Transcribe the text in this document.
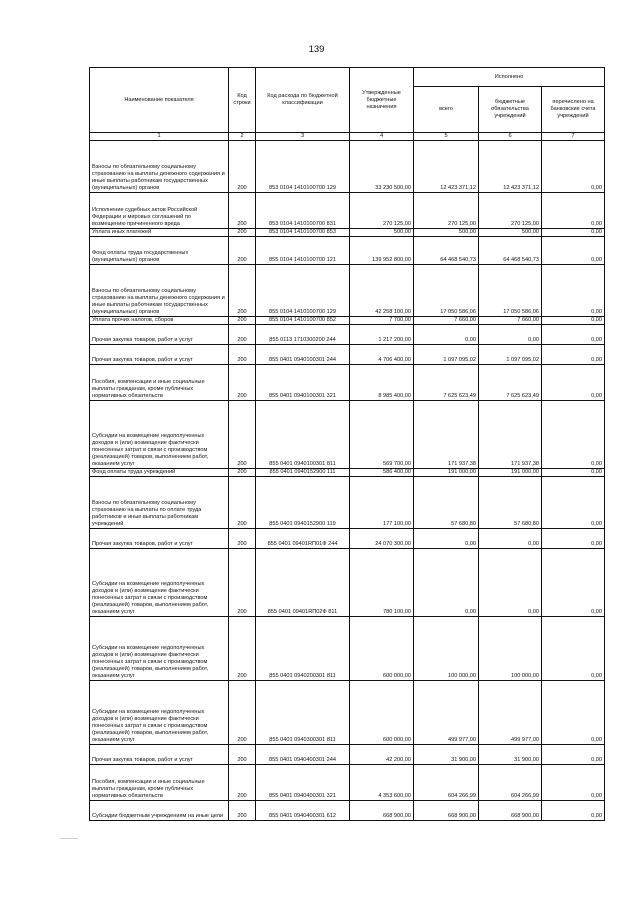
139
Наименование показателя	Код строки	Код расхода по бюджетной классификации	Утвержденные бюджетные назначения	Исполнено		
				всего	бюджетные обязательства учреждений	перечислено на банковские счета учреждений
1	2	3	4	5	6	7
Взносы по обязательному социальному страхованию на выплаты денежного содержания и иные выплаты работникам государственных (муниципальных) органов	200	853 0104 1410100700 129	33 230 500,00	12 423 371,12	12 423 371,12	0,00
Исполнение судебных актов Российской Федерации и мировых соглашений по возмещению причиненного вреда	200	853 0104 1410100700 831	270 125,00	270 125,00	270 125,00	0,00
Уплата иных платежей	200	853 0104 1410100700 853	500,00	500,00	500,00	0,00
Фонд оплаты труда государственных (муниципальных) органов	200	855 0104 1410100700 121	139 952 800,00	64 468 540,73	64 468 540,73	0,00
Взносы по обязательному социальному страхованию на выплаты денежного содержания и иные выплаты работникам государственных (муниципальных) органов	200	855 0104 1410100700 129	42 258 100,00	17 050 586,06	17 050 586,06	0,00
Уплата прочих налогов, сборов	200	855 0104 1410100700 852	7 700,00	7 660,00	7 660,00	0,00
Прочая закупка товаров, работ и услуг	200	855 0113 1710300200 244	1 217 200,00	0,00	0,00	0,00
Прочая закупка товаров, работ и услуг	200	855 0401 0940100301 244	4 706 400,00	1 097 095,02	1 097 095,02	0,00
Пособия, компенсации и иные социальные выплаты гражданам, кроме публичных нормативных обязательств	200	855 0401 0940100301 321	8 985 400,00	7 625 623,49	7 625 623,49	0,00
Субсидии на возмещение недополученных доходов и (или) возмещение фактически понесенных затрат в связи с производством (реализацией) товаров, выполнением работ, оказанием услуг	200	855 0401 0940100301 811	569 700,00	171 937,38	171 937,38	0,00
Фонд оплаты труда учреждений	200	855 0401 0940152900 111	586 400,00	191 000,00	191 000,00	0,00
Взносы по обязательному социальному страхованию на выплаты по оплате труда работников и иные выплаты работникам учреждений	200	855 0401 0940152900 119	177 100,00	57 680,80	57 680,80	0,00
Прочая закупка товаров, работ и услуг	200	855 0401 09401RП01Ф 244	24 070 300,00	0,00	0,00	0,00
Субсидии на возмещение недополученных доходов и (или) возмещение фактически понесенных затрат в связи с производством (реализацией) товаров, выполнением работ, оказанием услуг	200	855 0401 09401RП02Ф 811	780 100,00	0,00	0,00	0,00
Субсидии на возмещение недополученных доходов и (или) возмещение фактически понесенных затрат в связи с производством (реализацией) товаров, выполнением работ, оказанием услуг	200	855 0401 0940200301 811	600 000,00	100 000,00	100 000,00	0,00
Субсидии на возмещение недополученных доходов и (или) возмещение фактически понесенных затрат в связи с производством (реализацией) товаров, выполнением работ, оказанием услуг	200	855 0401 0940300301 811	600 000,00	499 977,00	499 977,00	0,00
Прочая закупка товаров, работ и услуг	200	855 0401 0940400301 244	42 200,00	31 900,00	31 900,00	0,00
Пособия, компенсации и иные социальные выплаты гражданам, кроме публичных нормативных обязательств	200	855 0401 0940400301 321	4 353 600,00	604 266,99	604 266,99	0,00
Субсидии бюджетным учреждениям на иные цели	200	855 0401 0940400301 612	668 900,00	668 900,00	668 900,00	0,00
